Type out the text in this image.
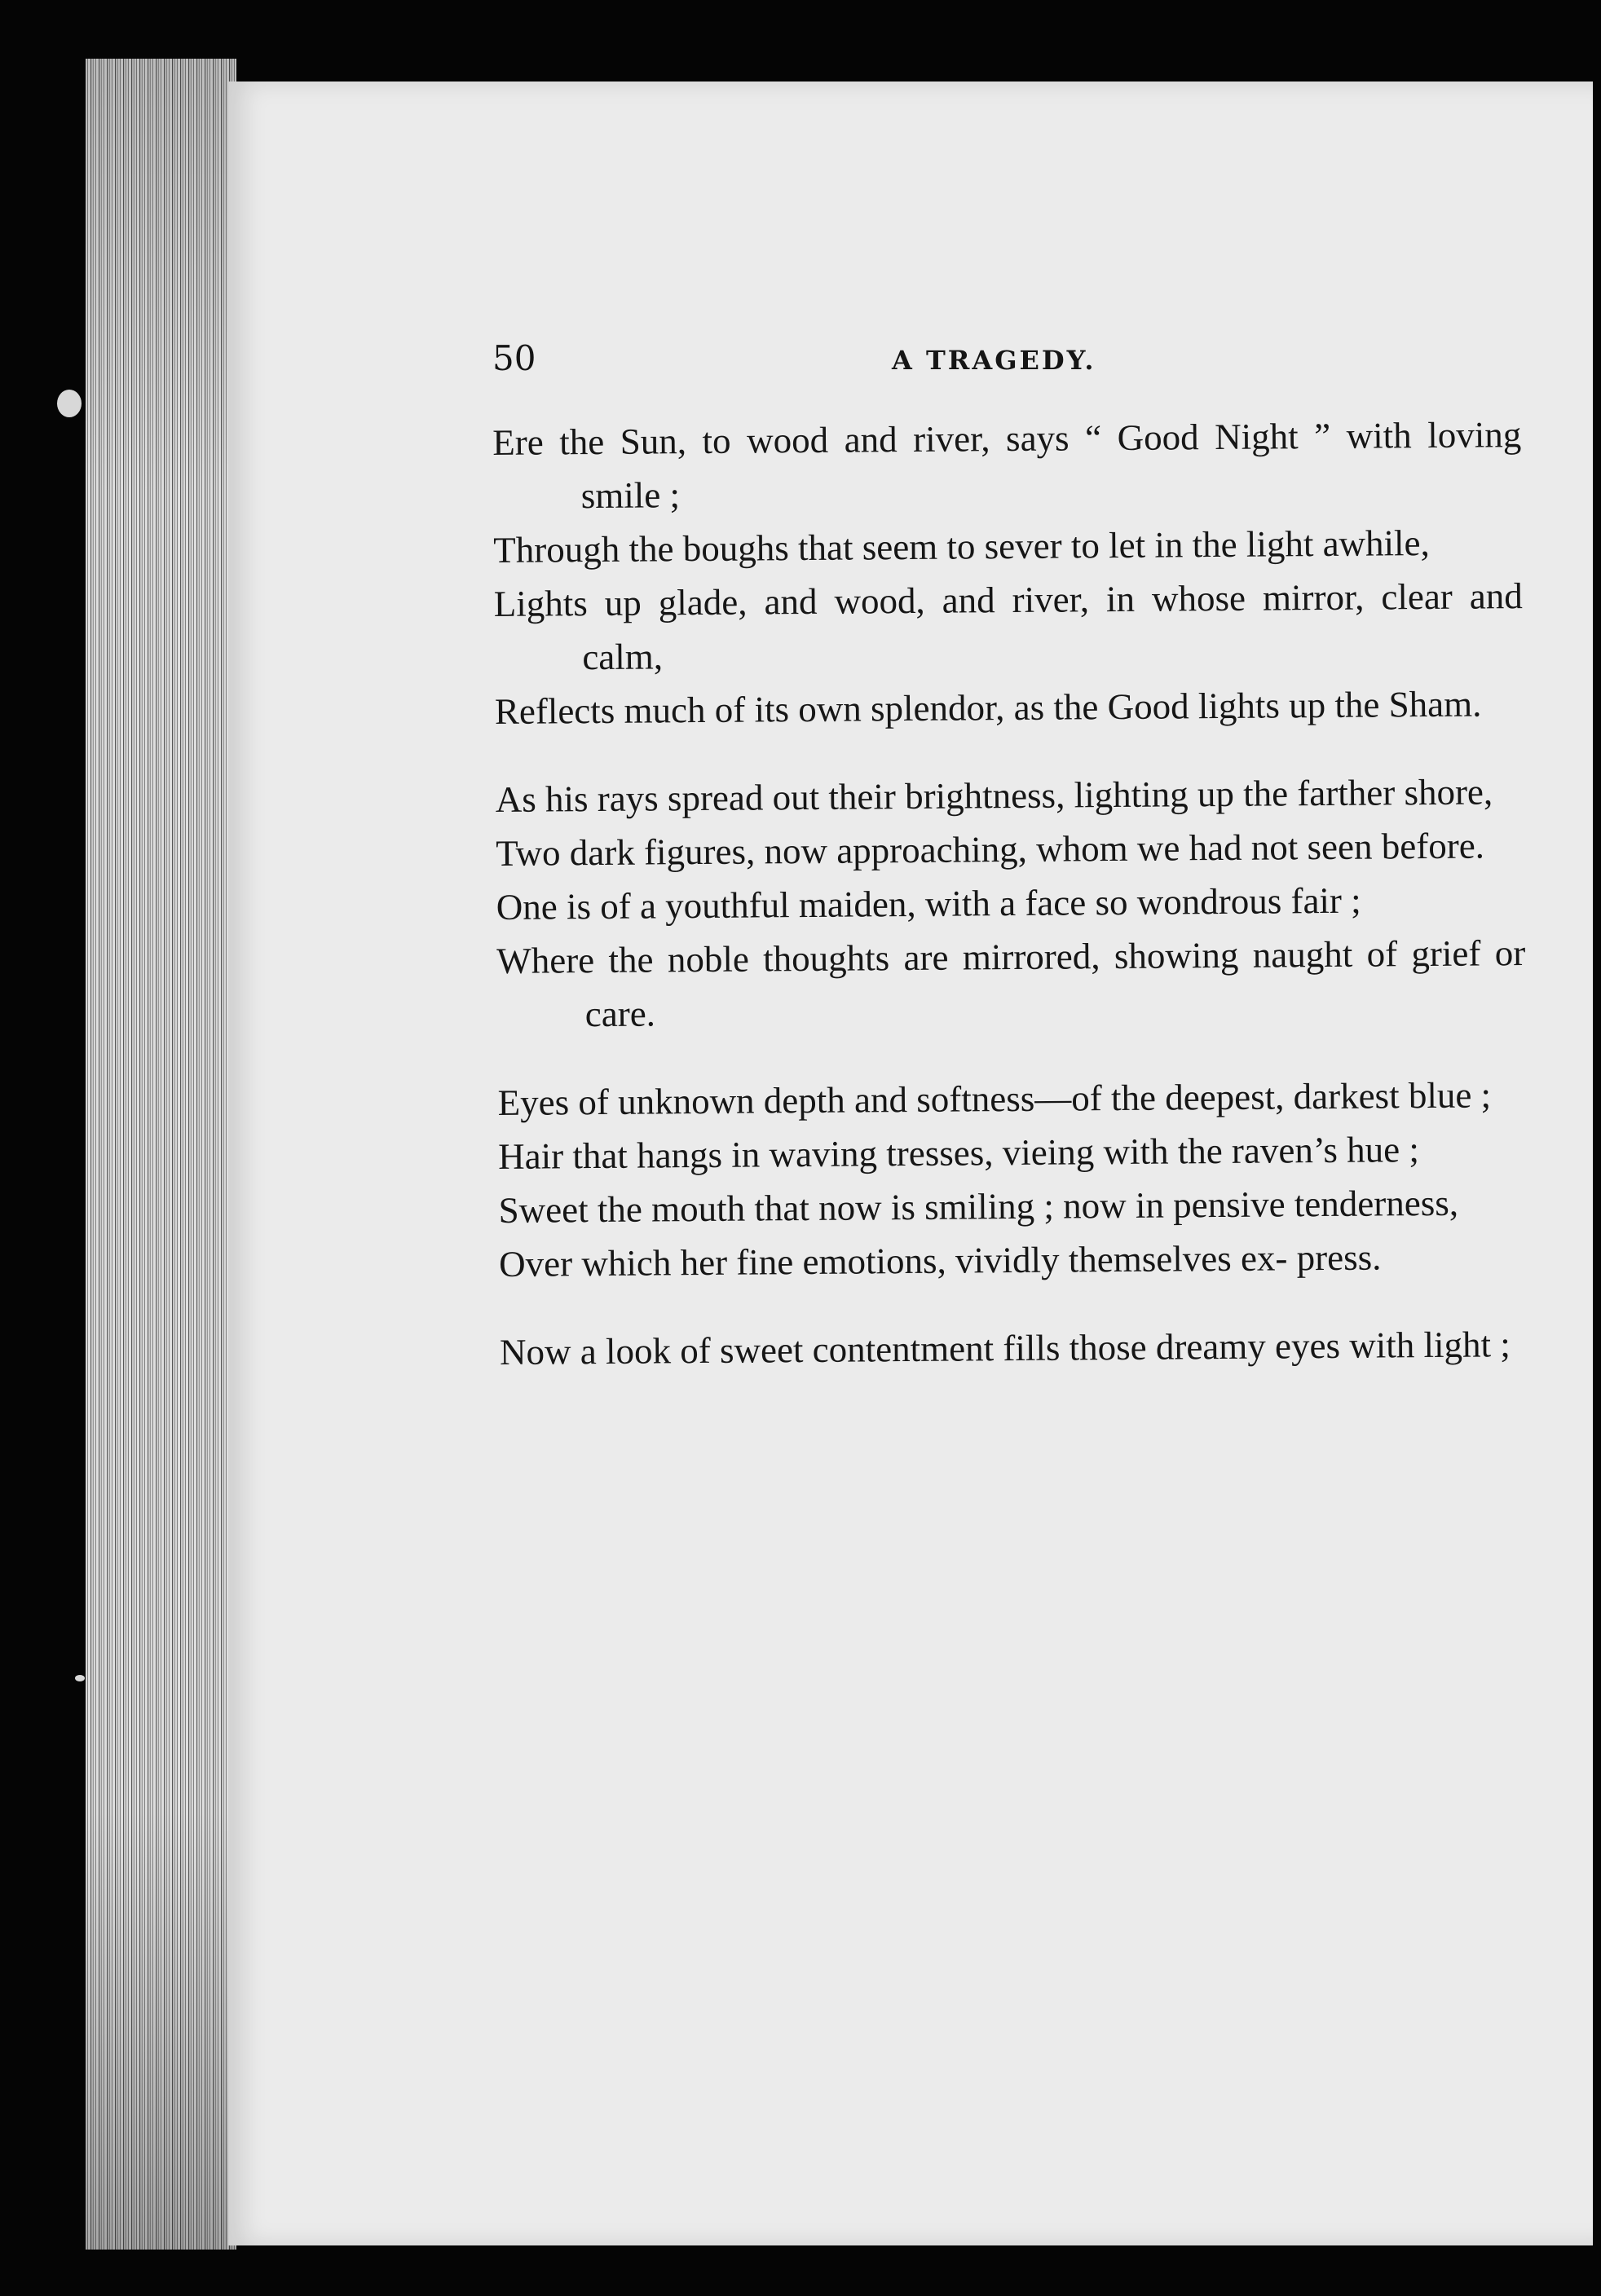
50	A TRAGEDY.
Ere the Sun, to wood and river, says “ Good Night ” with loving smile ;
Through the boughs that seem to sever to let in the light awhile,
Lights up glade, and wood, and river, in whose mirror, clear and calm,
Reflects much of its own splendor, as the Good lights up the Sham.
As his rays spread out their brightness, lighting up the farther shore,
Two dark figures, now approaching, whom we had not seen before.
One is of a youthful maiden, with a face so wondrous fair ;
Where the noble thoughts are mirrored, showing naught of grief or care.
Eyes of unknown depth and softness—of the deepest, darkest blue ;
Hair that hangs in waving tresses, vieing with the raven’s hue ;
Sweet the mouth that now is smiling ; now in pensive tenderness,
Over which her fine emotions, vividly themselves ex- press.
Now a look of sweet contentment fills those dreamy eyes with light ;
